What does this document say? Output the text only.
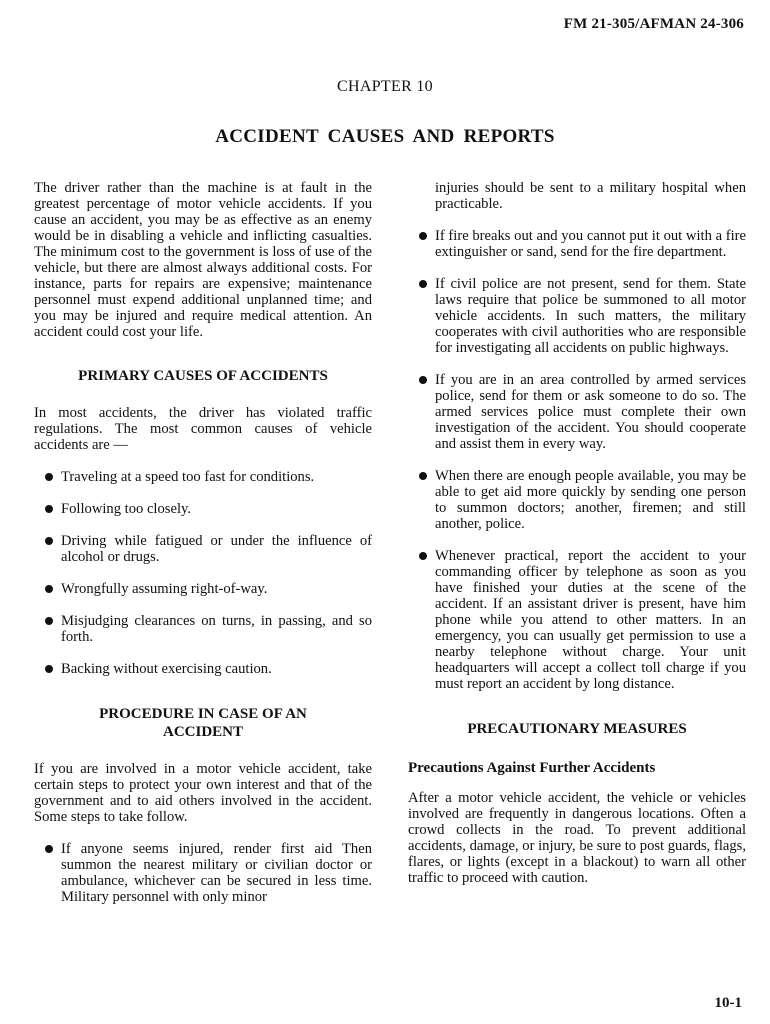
FM 21-305/AFMAN 24-306
CHAPTER 10
ACCIDENT CAUSES AND REPORTS

The driver rather than the machine is at fault in the greatest percentage of motor vehicle accidents. If you cause an accident, you may be as effective as an enemy would be in disabling a vehicle and inflicting casualties. The minimum cost to the government is loss of use of the vehicle, but there are almost always additional costs. For instance, parts for repairs are expensive; maintenance personnel must expend additional unplanned time; and you may be injured and require medical attention. An accident could cost your life.

PRIMARY CAUSES OF ACCIDENTS

In most accidents, the driver has violated traffic regulations. The most common causes of vehicle accidents are —

Traveling at a speed too fast for conditions.
Following too closely.
Driving while fatigued or under the influence of alcohol or drugs.
Wrongfully assuming right-of-way.
Misjudging clearances on turns, in passing, and so forth.
Backing without exercising caution.
PROCEDURE IN CASE OF AN
ACCIDENT

If you are involved in a motor vehicle accident, take certain steps to protect your own interest and that of the government and to aid others involved in the accident. Some steps to take follow.

If anyone seems injured, render first aid Then summon the nearest military or civilian doctor or ambulance, whichever can be secured in less time. Military personnel with only minor

injuries should be sent to a military hospital when practicable.

If fire breaks out and you cannot put it out with a fire extinguisher or sand, send for the fire department.
If civil police are not present, send for them. State laws require that police be summoned to all motor vehicle accidents. In such matters, the military cooperates with civil authorities who are responsible for investigating all accidents on public highways.
If you are in an area controlled by armed services police, send for them or ask someone to do so. The armed services police must complete their own investigation of the accident. You should cooperate and assist them in every way.
When there are enough people available, you may be able to get aid more quickly by sending one person to summon doctors; another, firemen; and still another, police.
Whenever practical, report the accident to your commanding officer by telephone as soon as you have finished your duties at the scene of the accident. If an assistant driver is present, have him phone while you attend to other matters. In an emergency, you can usually get permission to use a nearby telephone without charge. Your unit headquarters will accept a collect toll charge if you must report an accident by long distance.
PRECAUTIONARY MEASURES
Precautions Against Further Accidents

After a motor vehicle accident, the vehicle or vehicles involved are frequently in dangerous locations. Often a crowd collects in the road. To prevent additional accidents, damage, or injury, be sure to post guards, flags, flares, or lights (except in a blackout) to warn all other traffic to proceed with caution.

10-1
